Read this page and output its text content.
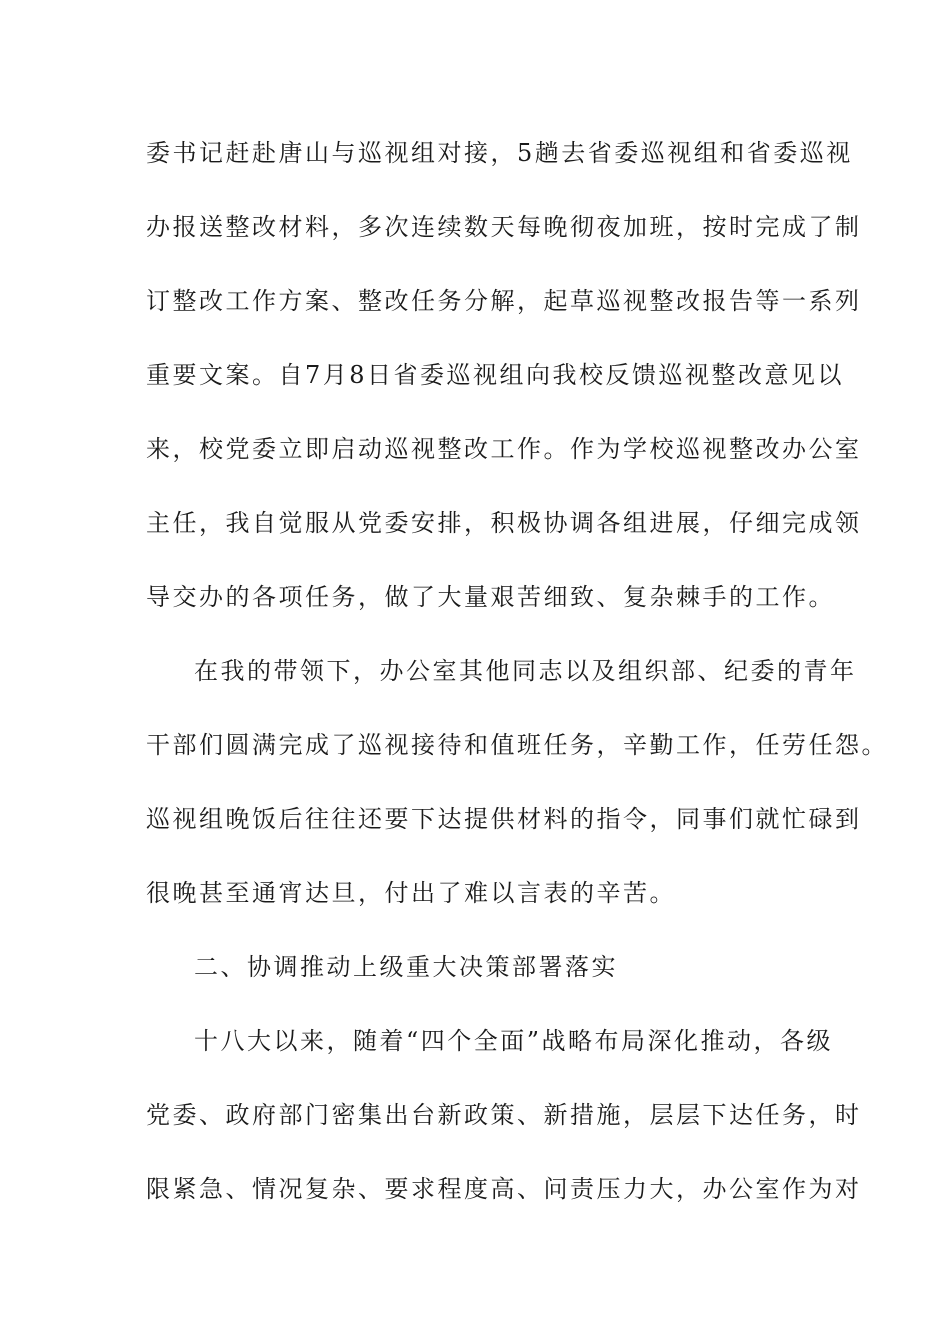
委书记赶赴唐山与巡视组对接，5趟去省委巡视组和省委巡视
办报送整改材料，多次连续数天每晚彻夜加班，按时完成了制
订整改工作方案、整改任务分解，起草巡视整改报告等一系列
重要文案。自7月8日省委巡视组向我校反馈巡视整改意见以
来，校党委立即启动巡视整改工作。作为学校巡视整改办公室
主任，我自觉服从党委安排，积极协调各组进展，仔细完成领
导交办的各项任务，做了大量艰苦细致、复杂棘手的工作。
在我的带领下，办公室其他同志以及组织部、纪委的青年
干部们圆满完成了巡视接待和值班任务，辛勤工作，任劳任怨。
巡视组晚饭后往往还要下达提供材料的指令，同事们就忙碌到
很晚甚至通宵达旦，付出了难以言表的辛苦。
二、协调推动上级重大决策部署落实
十八大以来，随着“四个全面”战略布局深化推动，各级
党委、政府部门密集出台新政策、新措施，层层下达任务，时
限紧急、情况复杂、要求程度高、问责压力大，办公室作为对
